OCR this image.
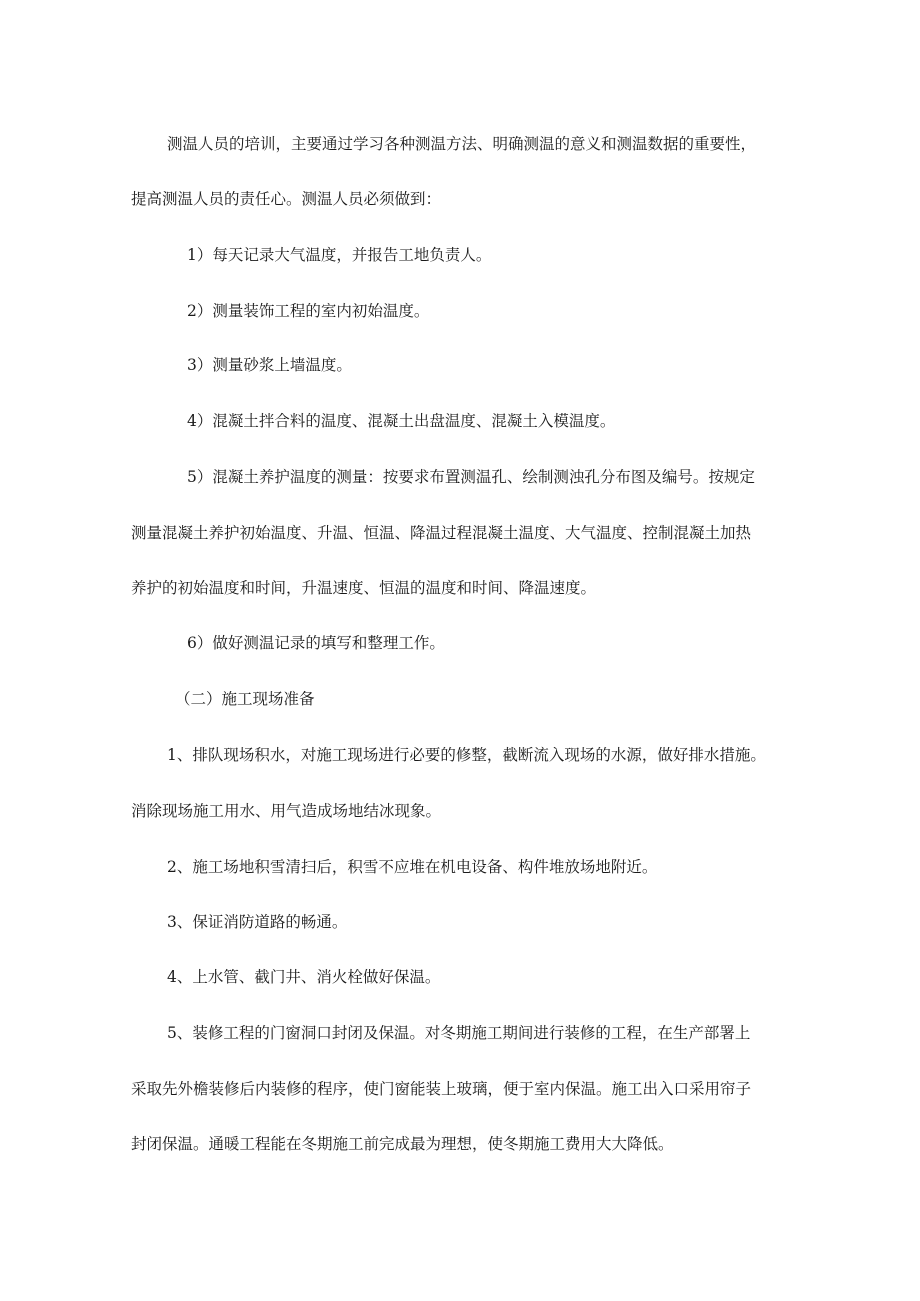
测温人员的培训，主要通过学习各种测温方法、明确测温的意义和测温数据的重要性，
提高测温人员的责任心。测温人员必须做到：
1）每天记录大气温度，并报告工地负责人。
2）测量装饰工程的室内初始温度。
3）测量砂浆上墙温度。
4）混凝土拌合料的温度、混凝土出盘温度、混凝土入模温度。
5）混凝土养护温度的测量：按要求布置测温孔、绘制测浊孔分布图及编号。按规定
测量混凝土养护初始温度、升温、恒温、降温过程混凝土温度、大气温度、控制混凝土加热
养护的初始温度和时间，升温速度、恒温的温度和时间、降温速度。
6）做好测温记录的填写和整理工作。
（二）施工现场准备
1、排队现场积水，对施工现场进行必要的修整，截断流入现场的水源，做好排水措施。
消除现场施工用水、用气造成场地结冰现象。
2、施工场地积雪清扫后，积雪不应堆在机电设备、构件堆放场地附近。
3、保证消防道路的畅通。
4、上水管、截门井、消火栓做好保温。
5、装修工程的门窗洞口封闭及保温。对冬期施工期间进行装修的工程，在生产部署上
采取先外檐装修后内装修的程序，使门窗能装上玻璃，便于室内保温。施工出入口采用帘子
封闭保温。通暖工程能在冬期施工前完成最为理想，使冬期施工费用大大降低。
